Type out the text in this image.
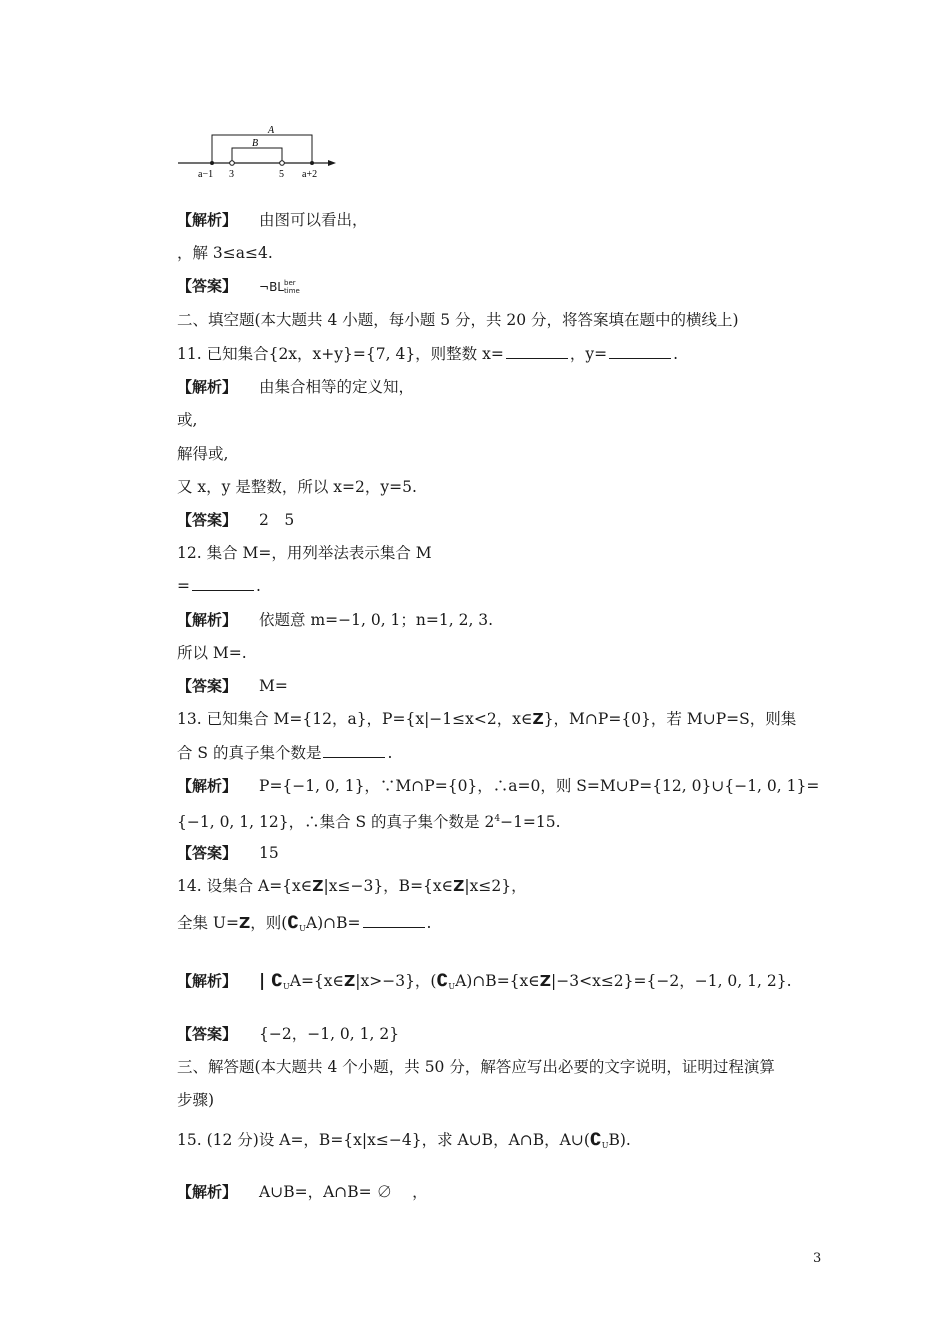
A
B
a−1 3	5 a+2
【解析】 由图可以看出，
，解 3≤a≤4.
【答案】 ¬BLber
time
二、填空题(本大题共 4 小题，每小题 5 分，共 20 分，将答案填在题中的横线上)
11. 已知集合{2x，x+y}={7, 4}，则整数 x=	，y=	.
【解析】 由集合相等的定义知，
或,
解得或,
又 x，y 是整数，所以 x=2，y=5.
【答案】 2　5
12. 集合 M=，用列举法表示集合 M
=	.
【解析】 依题意 m=−1, 0, 1；n=1, 2, 3.
所以 M=.
【答案】 M=
13. 已知集合 M={12，a}，P={x|−1≤x<2，x∈Z}，M∩P={0}，若 M∪P=S，则集
合 S 的真子集个数是	.
【解析】 P={−1, 0, 1}，∵M∩P={0}，∴a=0，则 S=M∪P={12, 0}∪{−1, 0, 1}=
{−1, 0, 1, 12}，∴集合 S 的真子集个数是 $2^4-1=15$.
【答案】 15
14. 设集合 A={x∈Z|x≤−3}，B={x∈Z|x≤2}，
全集 U=Z，则$(∁_UA)\cap B=$	.
【解析】 | $∁_UA=\{x\in Z|x>-3\}$，$(∁_UA)\cap B=\{x\in Z|-3<x\le 2\}=\{-2$，−1, 0, 1, 2}.
【答案】 {−2，−1, 0, 1, 2}
三、解答题(本大题共 4 个小题，共 50 分，解答应写出必要的文字说明，证明过程演算
步骤)
15. (12 分)设 A=，B={x|x≤−4}，求 A∪B，A∩B，$A\cup(∁_UB)$.
【解析】 A∪B=，A∩B= ∅ ，
3
